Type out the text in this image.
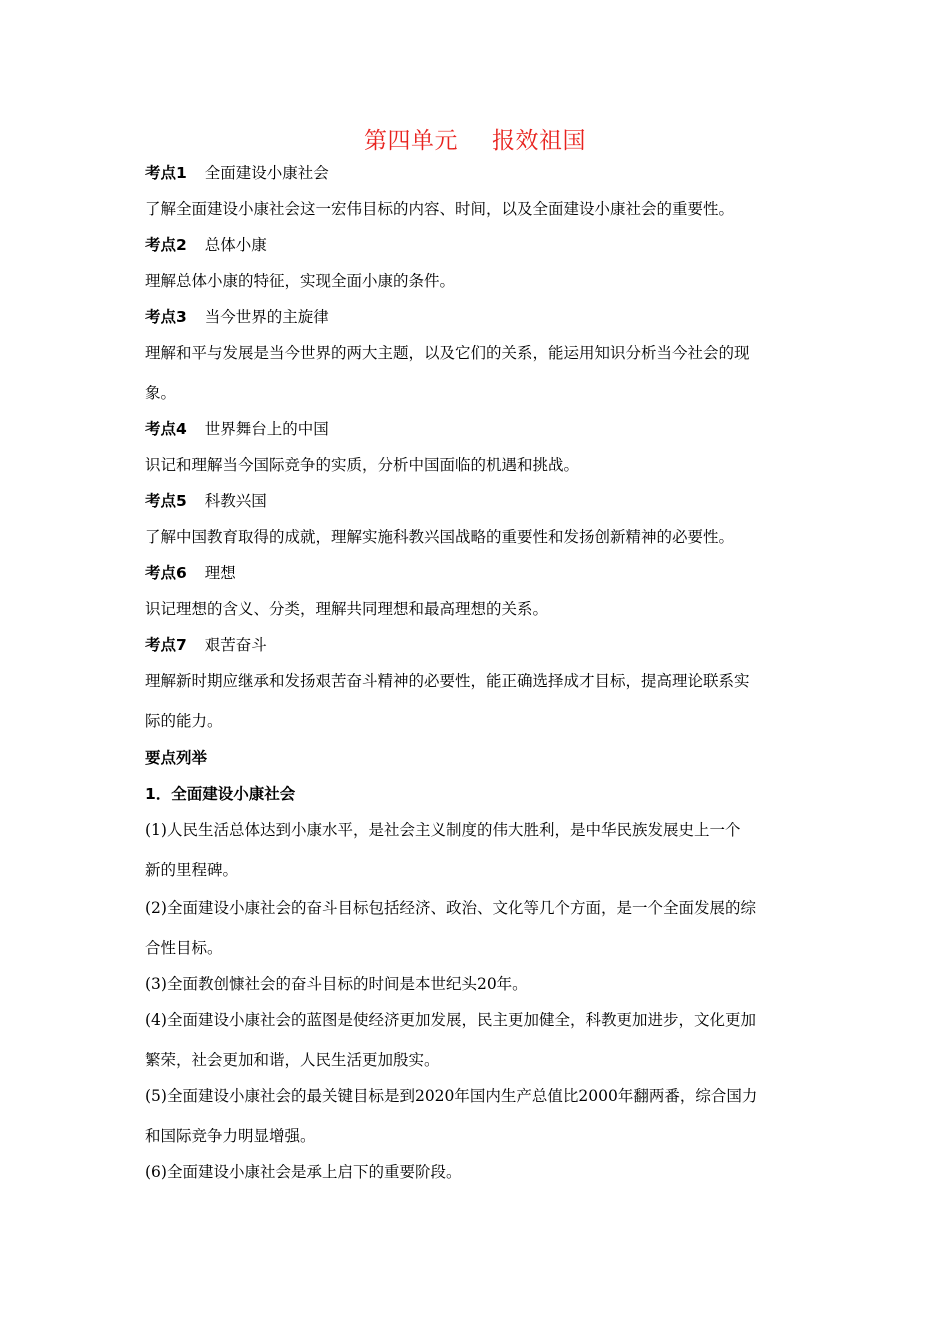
第四单元 报效祖国
考点1 全面建设小康社会
了解全面建设小康社会这一宏伟目标的内容、时间，以及全面建设小康社会的重要性。
考点2 总体小康
理解总体小康的特征，实现全面小康的条件。
考点3 当今世界的主旋律
理解和平与发展是当今世界的两大主题，以及它们的关系，能运用知识分析当今社会的现
象。
考点4 世界舞台上的中国
识记和理解当今国际竞争的实质，分析中国面临的机遇和挑战。
考点5 科教兴国
了解中国教育取得的成就，理解实施科教兴国战略的重要性和发扬创新精神的必要性。
考点6 理想
识记理想的含义、分类，理解共同理想和最高理想的关系。
考点7 艰苦奋斗
理解新时期应继承和发扬艰苦奋斗精神的必要性，能正确选择成才目标，提高理论联系实
际的能力。
要点列举
1．全面建设小康社会
(1)人民生活总体达到小康水平，是社会主义制度的伟大胜利，是中华民族发展史上一个
新的里程碑。
(2)全面建设小康社会的奋斗目标包括经济、政治、文化等几个方面，是一个全面发展的综
合性目标。
(3)全面教创慷社会的奋斗目标的时间是本世纪头20年。
(4)全面建设小康社会的蓝图是使经济更加发展，民主更加健全，科教更加进步，文化更加
繁荣，社会更加和谐，人民生活更加殷实。
(5)全面建设小康社会的最关键目标是到2020年国内生产总值比2000年翻两番，综合国力
和国际竞争力明显增强。
(6)全面建设小康社会是承上启下的重要阶段。
